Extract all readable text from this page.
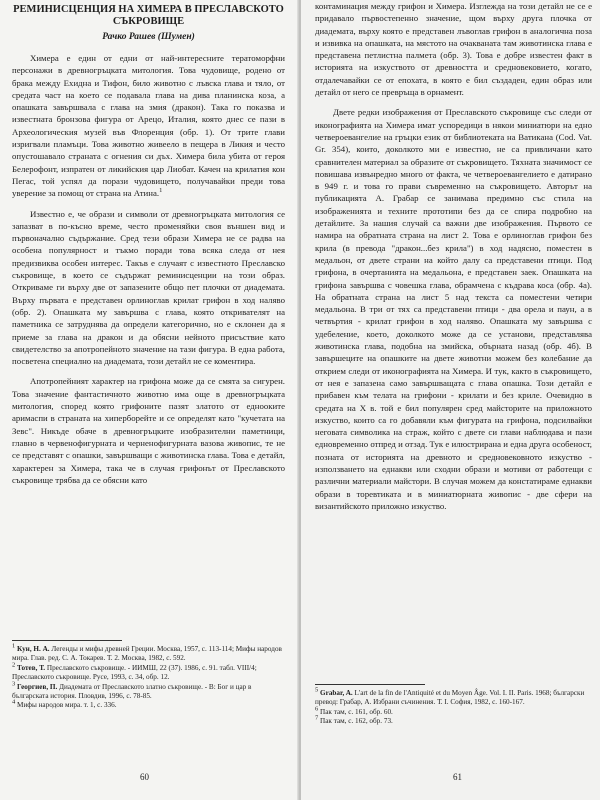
РЕМИНИСЦЕНЦИЯ НА ХИМЕРА В ПРЕСЛАВСКОТО
СЪКРОВИЩЕ
Рачко Рашев (Шумен)

Химера е един от едни от най-интересните тератоморфни персонажи в древногръцката митология. Това чудовище, родено от брака между Ехидна и Тифон, било животно с лъвска глава и тяло, от средата част на което се подавала глава на дива планинска коза, а опашката завършвала с глава на змия (дракон). Така го показва и известната бронзова фигура от Арецо, Италия, която днес се пази в Археологическия музей във Флоренция (обр. 1). От трите глави изригвали пламъци. Това животно живеело в пещера в Ликия и често опустошавало страната с огнения си дъх. Химера била убита от героя Белерофонт, изпратен от ликийския цар Лиобат. Качен на крилатия кон Пегас, той успял да порази чудовището, получавайки преди това уверение за помощ от страна на Атина.$^1$

Известно е, че образи и символи от древногръцката митология се запазват в по-късно време, често променяйки своя външен вид и първоначално съдържание. Сред тези образи Химера не се радва на особена популярност и тъкмо поради това всяка следа от нея предизвиква особен интерес. Такъв е случаят с известното Преславско съкровище, в което се съдържат реминисценции на този образ. Откриваме ги върху две от запазените общо пет плочки от диадемата. Върху първата е представен орлиноглав крилат грифон в ход наляво (обр. 2). Опашката му завършва с глава, която откривателят на паметника се затруднява да определи категорично, но е склонен да я приеме за глава на дракон и да обясни нейното присъствие като свидетелство за апотропейното значение на тази фигура. В една работа, посветена специално на диадемата, този детайл не се коментира.

Апотропейният характер на грифона може да се смята за сигурен. Това значение фантастичното животно има още в древногръцката митология, според която грифоните пазят златото от еднооките аримаспи в страната на хиперборейте и се определят като "кучетата на Зевс". Никъде обаче в древногръцките изобразителни паметници, главно в червенофигурната и черненофигурната вазова живопис, те не се представят с опашки, завършващи с животинска глава. Това е детайл, характерен за Химера, така че в случая грифонът от Преславското съкровище трябва да се обясни като

$^1$ Кун, Н. А. Легенды и мифы древней Греции. Москва, 1957, с. 113-114; Мифы народов мира. Глав. ред. С. А. Токарев. Т. 2. Москва, 1982, с. 592.

$^2$ Тотев, Т. Преславското съкровище. - ИИМШ, 22 (37). 1986, с. 91. табл. VIII/4; Преславското съкровище. Русе, 1993, с. 34, обр. 12.

$^3$ Георгиев, П. Диадемата от Преславското златно съкровище. - В: Бог и цар в българската история. Пловдив, 1996, с. 78-85.

$^4$ Мифы народов мира. т. 1, с. 336.

60

контаминация между грифон и Химера. Изглежда на този детайл не се е придавало първостепенно значение, щом върху друга плочка от диадемата, върху която е представен лъвоглав грифон в аналогична поза и извивка на опашката, на мястото на очакваната там животинска глава е представена петлистна палмета (обр. 3). Това е добре известен факт в историята на изкуството от древността и средновековието, когато, отдалечавайки се от епохата, в която е бил създаден, един образ или детайл от него се превръща в орнамент.

Двете редки изображения от Преславското съкровище със следи от иконографията на Химера имат успоредици в някои миниатюри на едно четвероевангелие на гръцки език от библиотеката на Ватикана (Cod. Vat. Gr. 354), които, доколкото ми е известно, не са привличани като сравнителен материал за образите от съкровището. Тяхната значимост се повишава извънредно много от факта, че четвероевангелието е датирано в 949 г. и това го прави съвременно на съкровището. Авторът на публикацията А. Грабар се занимава предимно със стила на изображенията и техните прототипи без да се спира подробно на детайлите. За нашия случай са важни две изображения. Първото се намира на обратната страна на лист 2. Това е орлиноглав грифон без крила (в превода "дракон...без крила") в ход надясно, поместен в медальон, от двете страни на който далу са представени птици. Под грифона, в очертанията на медальона, е представен заек. Опашката на грифона завършва с човешка глава, обрамчена с къдрава коса (обр. 4а). На обратната страна на лист 5 над текста са поместени четири медальона. В три от тях са представени птици - два орела и паун, а в четвъртия - крилат грифон в ход наляво. Опашката му завършва с удебеление, което, доколкото може да се установи, представлява животинска глава, подобна на змийска, обърната назад (обр. 4б). В завършеците на опашките на двете животни можем без колебание да открием следи от иконографията на Химера. И тук, както в съкровището, от нея е запазена само завършващата с глава опашка. Този детайл е прибавен към телата на грифони - крилати и без криле. Очевидно в средата на X в. той е бил популярен сред майсторите на приложното изкуство, които са го добавяли към фигурата на грифона, подсилвайки неговата символика на страж, който с двете си глави наблюдава и пази едновременно отпред и отзад. Тук е илюстрирана и една друга особеност, позната от историята на древното и средновековното изкуство - използването на еднакви или сходни образи и мотиви от работещи с различни материали майстори. В случая можем да констатираме еднакви образи в торевтиката и в миниатюрната живопис - две сфери на византийското приложно изкуство.

$^5$ Grabar, A. L'art de la fin de l'Antiquité et du Moyen Âge. Vol. I. II. Paris. 1968; български превод: Грабар, А. Избрани съчинения. Т. I. София, 1982, с. 160-167.

$^6$ Пак там, с. 161, обр. 60.

$^7$ Пак там, с. 162, обр. 73.

61
